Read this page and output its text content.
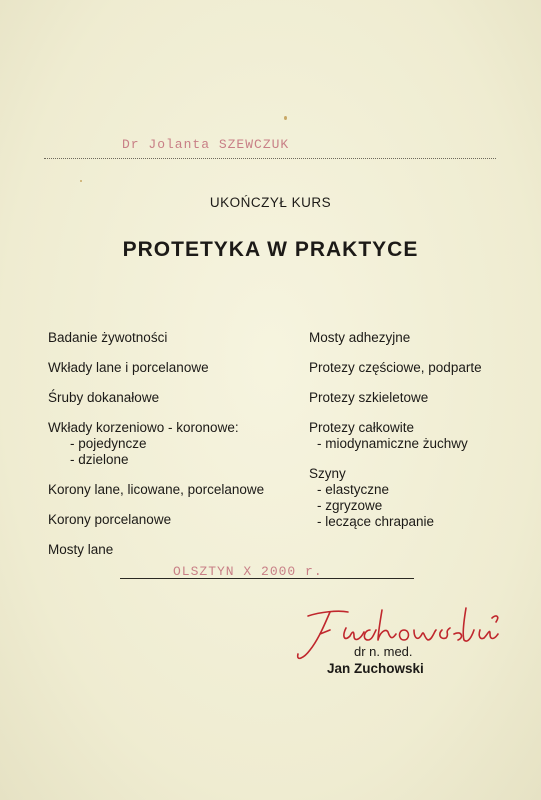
Dr Jolanta SZEWCZUK
UKOŃCZYŁ KURS
PROTETYKA W PRAKTYCE

Badanie żywotności

Wkłady lane i porcelanowe

Śruby dokanałowe

Wkłady korzeniowo - koronowe:

- pojedyncze

- dzielone

Korony lane, licowane, porcelanowe

Korony porcelanowe

Mosty lane

Mosty adhezyjne

Protezy częściowe, podparte

Protezy szkieletowe

Protezy całkowite

- miodynamiczne żuchwy

Szyny

- elastyczne

- zgryzowe

- leczące chrapanie

OLSZTYN X 2000 r.
dr n. med.
Jan Zuchowski
